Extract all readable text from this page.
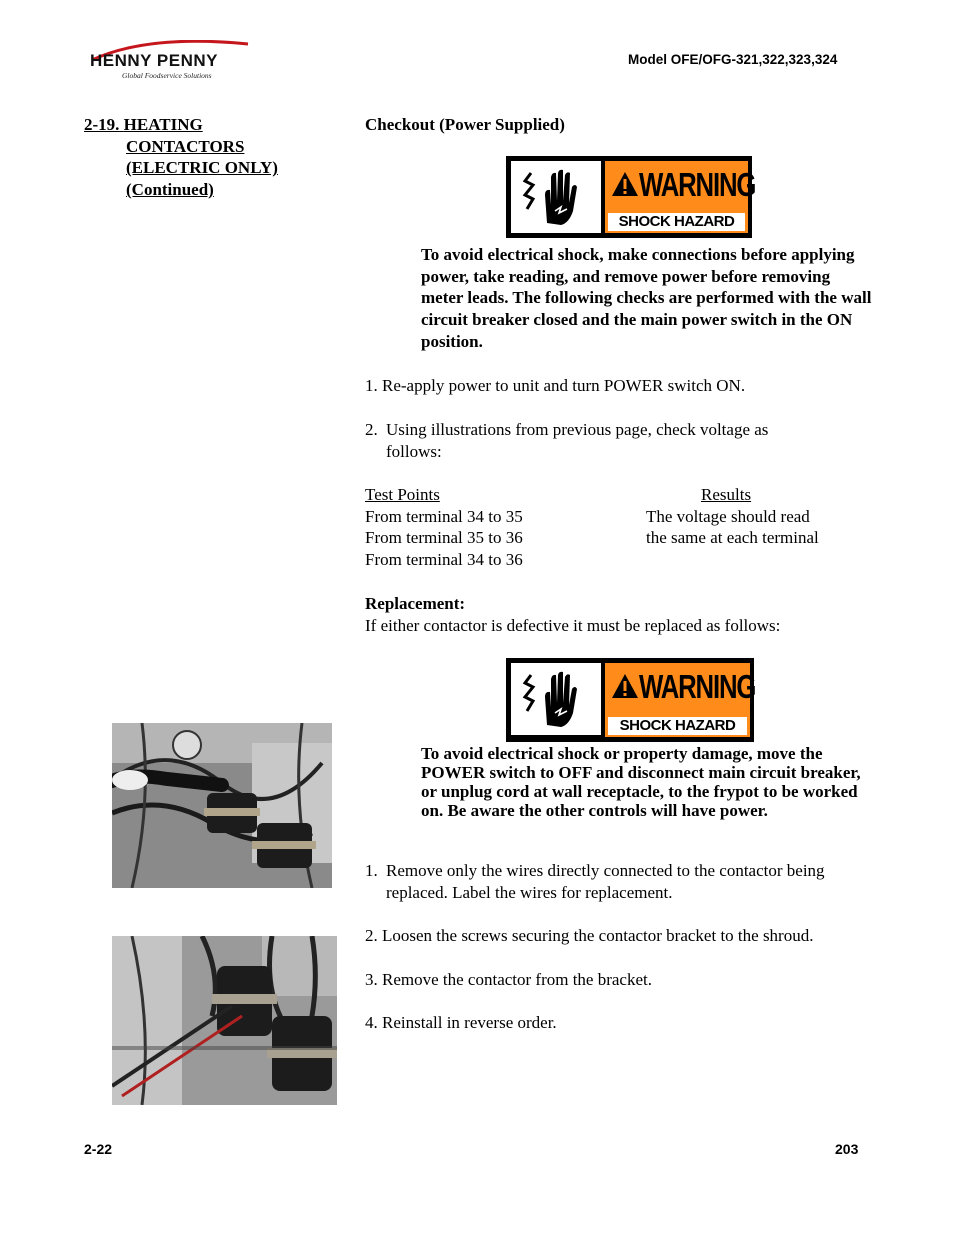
HENNY PENNY
Global Foodservice Solutions
Model OFE/OFG-321,322,323,324
2-19. HEATING
CONTACTORS
(ELECTRIC ONLY)
(Continued)
Checkout (Power Supplied)
WARNING
SHOCK HAZARD
To avoid electrical shock, make connections before applying power, take reading, and remove power before removing meter leads. The following checks are performed with the wall circuit breaker closed and the main power switch in the ON position.
1. Re-apply power to unit and turn POWER switch ON.
2. Using illustrations from previous page, check voltage as follows:
Test Points	Results
From terminal 34 to 35
From terminal 35 to 36
From terminal 34 to 36
The voltage should read
the same at each terminal
Replacement:
If either contactor is defective it must be replaced as follows:
WARNING
SHOCK HAZARD
To avoid electrical shock or property damage, move the POWER switch to OFF and disconnect main circuit breaker, or unplug cord at wall receptacle, to the frypot to be worked on. Be aware the other controls will have power.
1. Remove only the wires directly connected to the contactor being replaced. Label the wires for replacement.
2. Loosen the screws securing the contactor bracket to the shroud.
3. Remove the contactor from the bracket.
4. Reinstall in reverse order.
2-22	203
